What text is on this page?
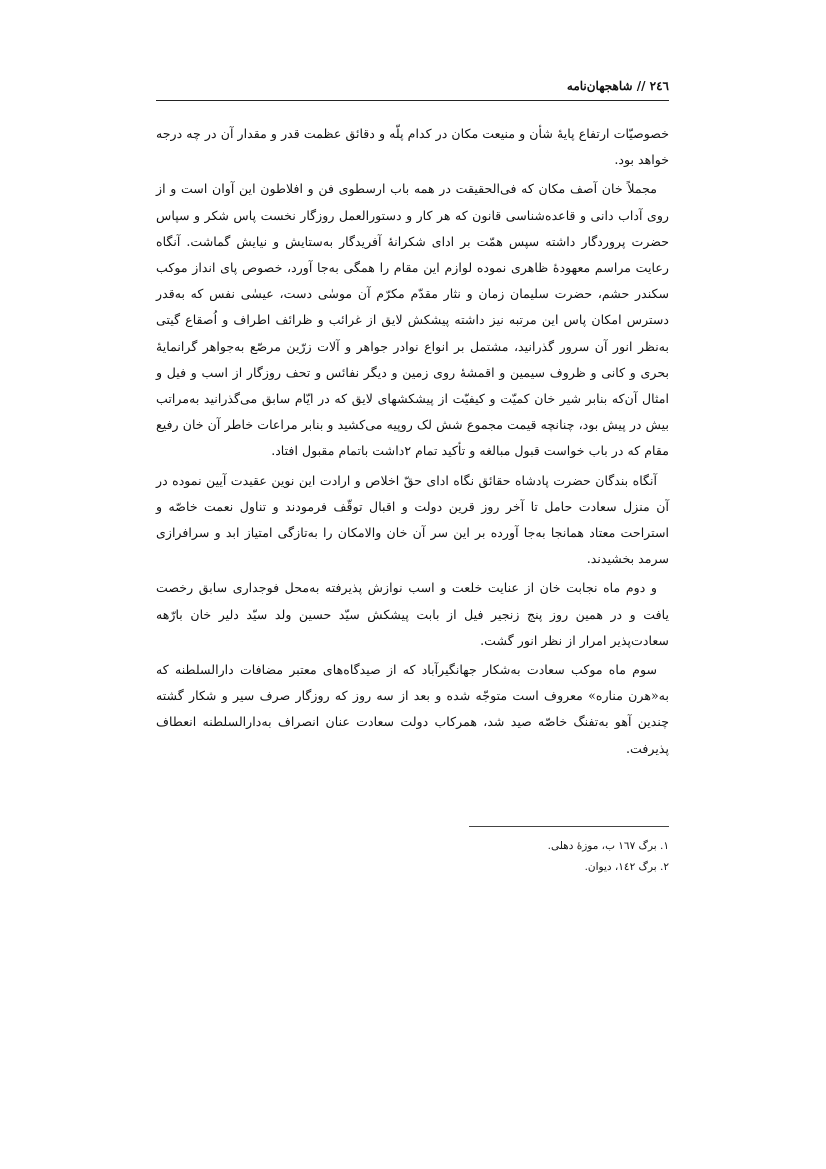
٢٤٦ // شاهجهان‌نامه

خصوصیّات ارتفاع پایهٔ شأن و منیعت مکان در کدام پلّه و دقائق عظمت قدر و مقدار آن در چه درجه خواهد بود.

مجملاً خان آصف مکان که فی‌الحقیقت در همه باب ارسطوی فن و افلاطون این آوان است و از روی آداب دانی و قاعده‌شناسی قانون که هر کار و دستورالعمل روزگار نخست پاس شکر و سپاس حضرت پروردگار داشته سپس همّت بر ادای شکرانهٔ آفریدگار به‌ستایش و نیایش گماشت. آنگاه رعایت مراسم معهودهٔ ظاهری نموده لوازم این مقام را همگی به‌جا آورد، خصوص پای انداز موکب سکندر حشم، حضرت سلیمان زمان و نثار مقدّم مکرّم آن موسٰی دست، عیسٰی نفس که به‌قدر دسترس امکان پاس این مرتبه نیز داشته پیشکش لایق از غرائب و ظرائف اطراف و اُصقاع گیتی به‌نظر انور آن سرور گذرانید، مشتمل بر انواع نوادر جواهر و آلات زرّین مرصّع به‌جواهر گرانمایهٔ بحری و کانی و ظروف سیمین و اقمشهٔ روی زمین و دیگر نفائس و تحف روزگار از اسب و فیل و امثال آن‌که بنابر شیر خان کمیّت و کیفیّت از پیشکشهای لایق که در ایّام سابق می‌گذرانید به‌مراتب بیش در پیش بود، چنانچه قیمت مجموع شش لک روپیه می‌کشید و بنابر مراعات خاطر آن خان رفیع مقام که در باب خواست قبول مبالغه و تأکید تمام ٢داشت باتمام مقبول افتاد.

آنگاه بندگان حضرت پادشاه حقائق نگاه ادای حقّ اخلاص و ارادت این نوین عقیدت آیین نموده در آن منزل سعادت حامل تا آخر روز قرین دولت و اقبال توقّف فرمودند و تناول نعمت خاصّه و استراحت معتاد همانجا به‌جا آورده بر این سر آن خان والامکان را به‌تازگی امتیاز ابد و سرافرازی سرمد بخشیدند.

و دوم ماه نجابت خان از عنایت خلعت و اسب نوازش پذیرفته به‌محل فوجداری سابق رخصت یافت و در همین روز پنج زنجیر فیل از بابت پیشکش سیّد حسین ولد سیّد دلیر خان بارّهه سعادت‌پذیر امرار از نظر انور گشت.

سوم ماه موکب سعادت به‌شکار جهانگیرآباد که از صیدگاه‌های معتبر مضافات دارالسلطنه که به«هرن مناره» معروف است متوجّه شده و بعد از سه روز که روزگار صرف سیر و شکار گشته چندین آهو به‌تفنگ خاصّه صید شد، همرکاب دولت سعادت عنان انصراف به‌دارالسلطنه انعطاف پذیرفت.

١. برگ ١٦٧ ب، موزهٔ دهلی.
٢. برگ ١٤٢، دیوان.
